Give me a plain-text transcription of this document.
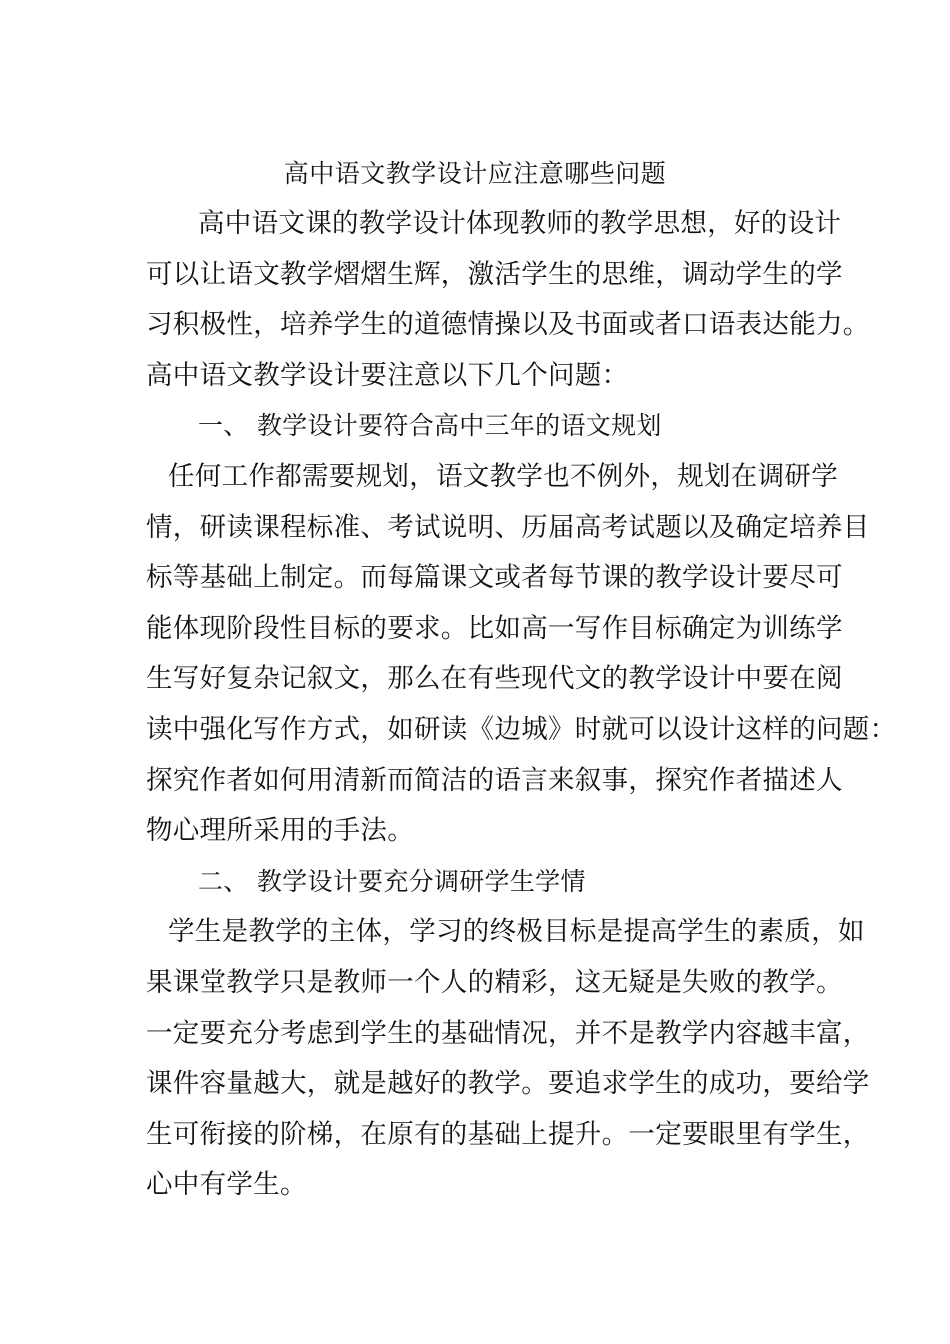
高中语文教学设计应注意哪些问题
高中语文课的教学设计体现教师的教学思想，好的设计
可以让语文教学熠熠生辉，激活学生的思维，调动学生的学
习积极性，培养学生的道德情操以及书面或者口语表达能力。
高中语文教学设计要注意以下几个问题：
一、 教学设计要符合高中三年的语文规划
任何工作都需要规划，语文教学也不例外，规划在调研学
情，研读课程标准、考试说明、历届高考试题以及确定培养目
标等基础上制定。而每篇课文或者每节课的教学设计要尽可
能体现阶段性目标的要求。比如高一写作目标确定为训练学
生写好复杂记叙文，那么在有些现代文的教学设计中要在阅
读中强化写作方式，如研读《边城》时就可以设计这样的问题：
探究作者如何用清新而简洁的语言来叙事，探究作者描述人
物心理所采用的手法。
二、 教学设计要充分调研学生学情
学生是教学的主体，学习的终极目标是提高学生的素质，如
果课堂教学只是教师一个人的精彩，这无疑是失败的教学。
一定要充分考虑到学生的基础情况，并不是教学内容越丰富，
课件容量越大，就是越好的教学。要追求学生的成功，要给学
生可衔接的阶梯，在原有的基础上提升。一定要眼里有学生，
心中有学生。
